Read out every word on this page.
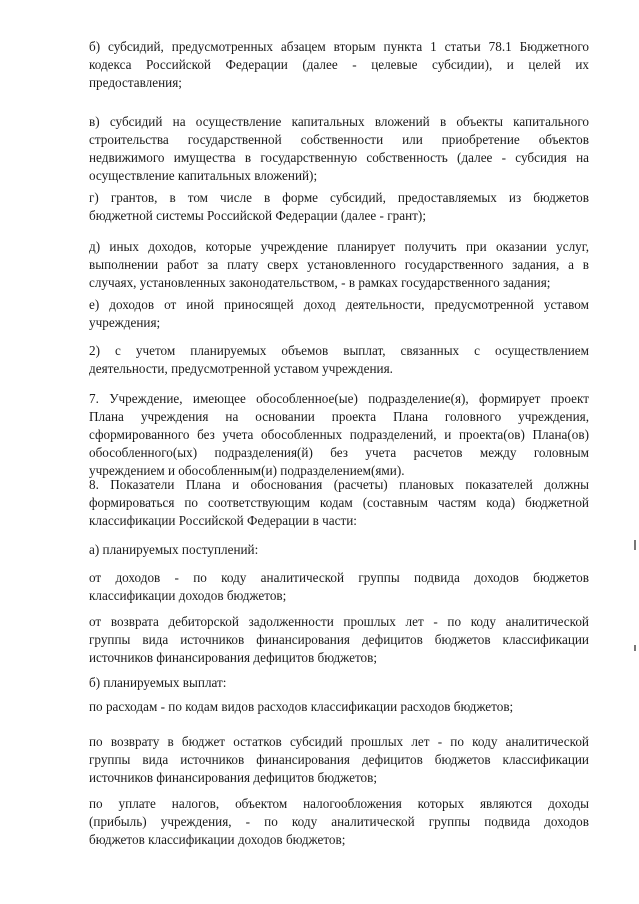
б) субсидий, предусмотренных абзацем вторым пункта 1 статьи 78.1 Бюджетного
кодекса Российской Федерации (далее - целевые субсидии), и целей их
предоставления;
в) субсидий на осуществление капитальных вложений в объекты капитального
строительства государственной собственности или приобретение объектов
недвижимого имущества в государственную собственность (далее - субсидия на
осуществление капитальных вложений);
г) грантов, в том числе в форме субсидий, предоставляемых из бюджетов
бюджетной системы Российской Федерации (далее - грант);
д) иных доходов, которые учреждение планирует получить при оказании услуг,
выполнении работ за плату сверх установленного государственного задания, а в
случаях, установленных законодательством, - в рамках государственного задания;
е) доходов от иной приносящей доход деятельности, предусмотренной уставом
учреждения;
2) с учетом планируемых объемов выплат, связанных с осуществлением
деятельности, предусмотренной уставом учреждения.
7. Учреждение, имеющее обособленное(ые) подразделение(я), формирует проект
Плана учреждения на основании проекта Плана головного учреждения,
сформированного без учета обособленных подразделений, и проекта(ов) Плана(ов)
обособленного(ых) подразделения(й) без учета расчетов между головным
учреждением и обособленным(и) подразделением(ями).
8. Показатели Плана и обоснования (расчеты) плановых показателей должны
формироваться по соответствующим кодам (составным частям кода) бюджетной
классификации Российской Федерации в части:
а) планируемых поступлений:
от доходов - по коду аналитической группы подвида доходов бюджетов
классификации доходов бюджетов;
от возврата дебиторской задолженности прошлых лет - по коду аналитической
группы вида источников финансирования дефицитов бюджетов классификации
источников финансирования дефицитов бюджетов;
б) планируемых выплат:
по расходам - по кодам видов расходов классификации расходов бюджетов;
по возврату в бюджет остатков субсидий прошлых лет - по коду аналитической
группы вида источников финансирования дефицитов бюджетов классификации
источников финансирования дефицитов бюджетов;
по уплате налогов, объектом налогообложения которых являются доходы
(прибыль) учреждения, - по коду аналитической группы подвида доходов
бюджетов классификации доходов бюджетов;
